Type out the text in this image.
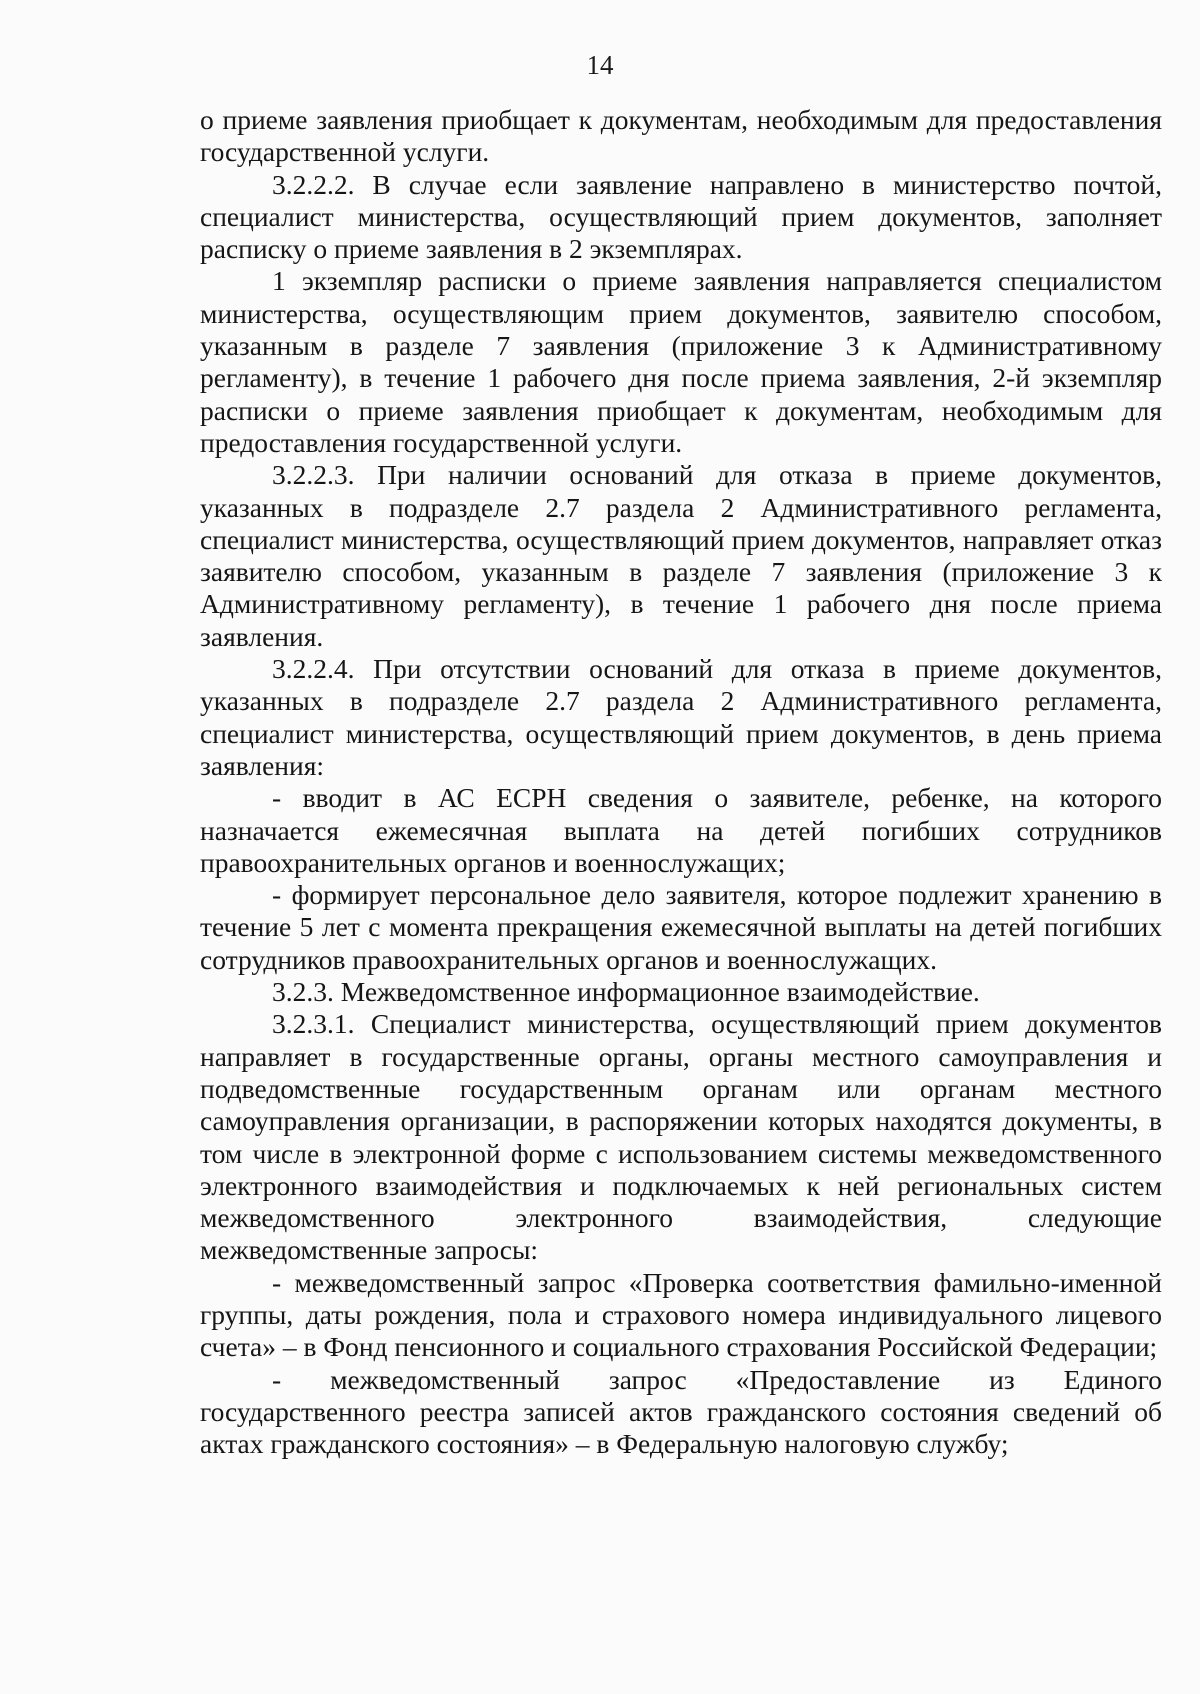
14

о приеме заявления приобщает к документам, необходимым для предоставления государственной услуги.

3.2.2.2. В случае если заявление направлено в министерство почтой, специалист министерства, осуществляющий прием документов, заполняет расписку о приеме заявления в 2 экземплярах.

1 экземпляр расписки о приеме заявления направляется специалистом министерства, осуществляющим прием документов, заявителю способом, указанным в разделе 7 заявления (приложение 3 к Административному регламенту), в течение 1 рабочего дня после приема заявления, 2-й экземпляр расписки о приеме заявления приобщает к документам, необходимым для предоставления государственной услуги.

3.2.2.3. При наличии оснований для отказа в приеме документов, указанных в подразделе 2.7 раздела 2 Административного регламента, специалист министерства, осуществляющий прием документов, направляет отказ заявителю способом, указанным в разделе 7 заявления (приложение 3 к Административному регламенту), в течение 1 рабочего дня после приема заявления.

3.2.2.4. При отсутствии оснований для отказа в приеме документов, указанных в подразделе 2.7 раздела 2 Административного регламента, специалист министерства, осуществляющий прием документов, в день приема заявления:

- вводит в АС ЕСРН сведения о заявителе, ребенке, на которого назначается ежемесячная выплата на детей погибших сотрудников правоохранительных органов и военнослужащих;

- формирует персональное дело заявителя, которое подлежит хранению в течение 5 лет с момента прекращения ежемесячной выплаты на детей погибших сотрудников правоохранительных органов и военнослужащих.

3.2.3. Межведомственное информационное взаимодействие.

3.2.3.1. Специалист министерства, осуществляющий прием документов направляет в государственные органы, органы местного самоуправления и подведомственные государственным органам или органам местного самоуправления организации, в распоряжении которых находятся документы, в том числе в электронной форме с использованием системы межведомственного электронного взаимодействия и подключаемых к ней региональных систем межведомственного электронного взаимодействия, следующие межведомственные запросы:

- межведомственный запрос «Проверка соответствия фамильно-именной группы, даты рождения, пола и страхового номера индивидуального лицевого счета» – в Фонд пенсионного и социального страхования Российской Федерации;

- межведомственный запрос «Предоставление из Единого государственного реестра записей актов гражданского состояния сведений об актах гражданского состояния» – в Федеральную налоговую службу;
